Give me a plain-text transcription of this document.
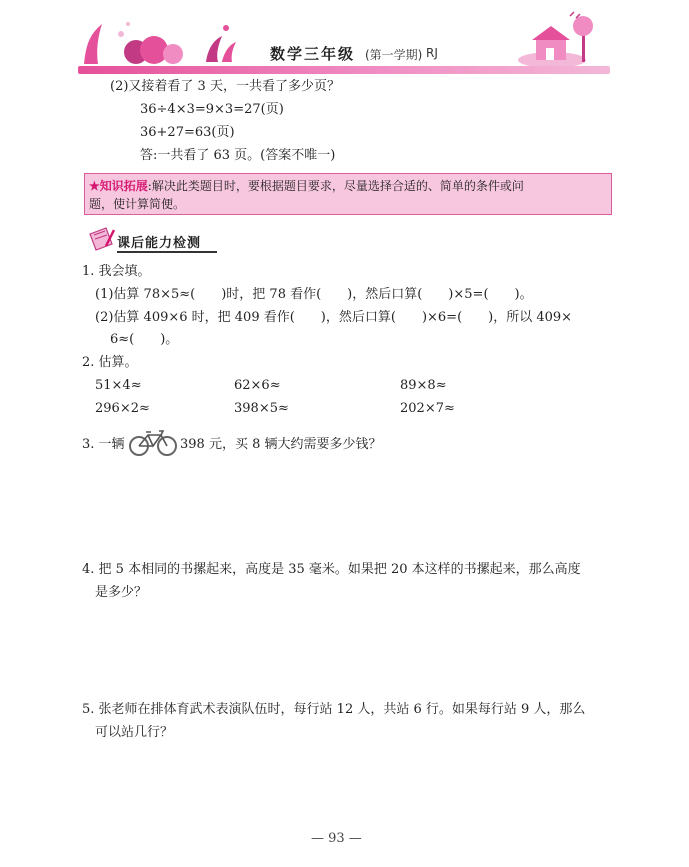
数学三年级 (第一学期) RJ
(2)又接着看了 3 天，一共看了多少页？
36÷4×3=9×3=27(页)
36+27=63(页)
答:一共看了 63 页。(答案不唯一)
★知识拓展:解决此类题目时，要根据题目要求，尽量选择合适的、简单的条件或问
题，使计算简便。
课后能力检测
1. 我会填。
(1)估算 78×5≈(　　)时，把 78 看作(　　)，然后口算(　　)×5=(　　)。
(2)估算 409×6 时，把 409 看作(　　)，然后口算(　　)×6=(　　)，所以 409×
6≈(　　)。
2. 估算。
51×4≈	62×6≈	89×8≈
296×2≈	398×5≈	202×7≈
3. 一辆	398 元，买 8 辆大约需要多少钱？
4. 把 5 本相同的书摞起来，高度是 35 毫米。如果把 20 本这样的书摞起来，那么高度
是多少？
5. 张老师在排体育武术表演队伍时，每行站 12 人，共站 6 行。如果每行站 9 人，那么
可以站几行？
— 93 —
